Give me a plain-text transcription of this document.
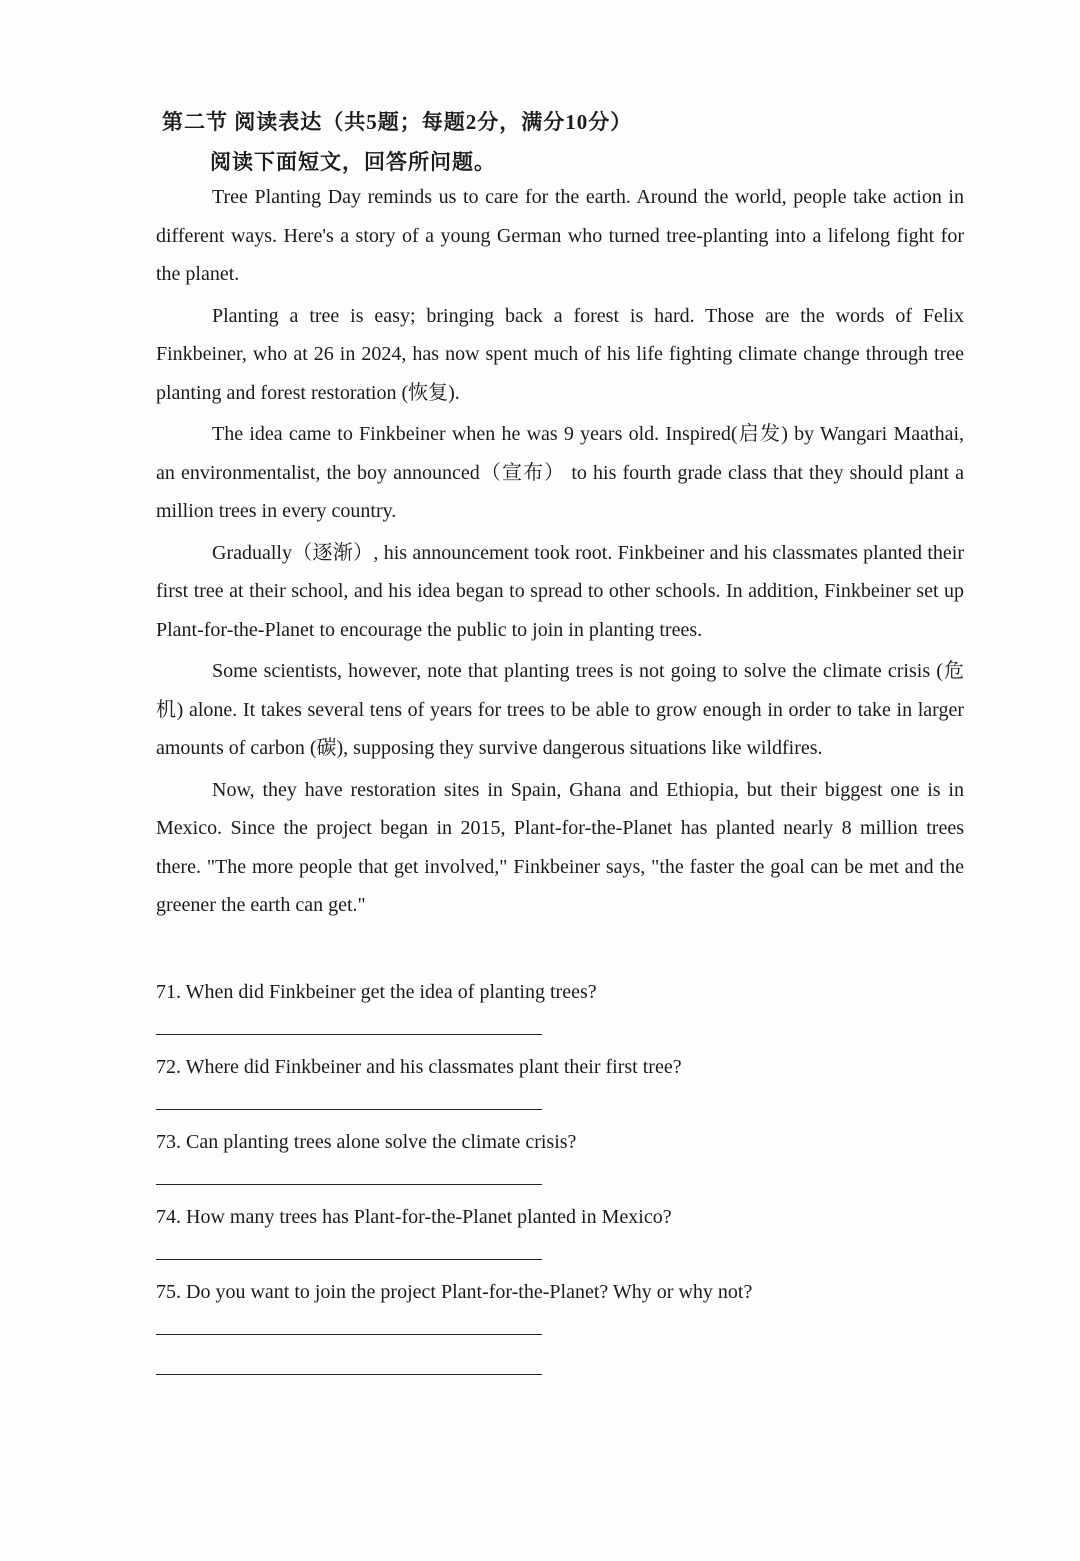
第二节 阅读表达（共5题；每题2分，满分10分）
阅读下面短文，回答所问题。

Tree Planting Day reminds us to care for the earth. Around the world, people take action in different ways. Here's a story of a young German who turned tree-planting into a lifelong fight for the planet.

Planting a tree is easy; bringing back a forest is hard. Those are the words of Felix Finkbeiner, who at 26 in 2024, has now spent much of his life fighting climate change through tree planting and forest restoration (恢复).

The idea came to Finkbeiner when he was 9 years old. Inspired(启发) by Wangari Maathai, an environmentalist, the boy announced（宣布） to his fourth grade class that they should plant a million trees in every country.

Gradually（逐渐）, his announcement took root. Finkbeiner and his classmates planted their first tree at their school, and his idea began to spread to other schools. In addition, Finkbeiner set up Plant-for-the-Planet to encourage the public to join in planting trees.

Some scientists, however, note that planting trees is not going to solve the climate crisis (危机) alone. It takes several tens of years for trees to be able to grow enough in order to take in larger amounts of carbon (碳), supposing they survive dangerous situations like wildfires.

Now, they have restoration sites in Spain, Ghana and Ethiopia, but their biggest one is in Mexico. Since the project began in 2015, Plant-for-the-Planet has planted nearly 8 million trees there. "The more people that get involved," Finkbeiner says, "the faster the goal can be met and the greener the earth can get."

71. When did Finkbeiner get the idea of planting trees?
72. Where did Finkbeiner and his classmates plant their first tree?
73. Can planting trees alone solve the climate crisis?
74. How many trees has Plant-for-the-Planet planted in Mexico?
75. Do you want to join the project Plant-for-the-Planet? Why or why not?
